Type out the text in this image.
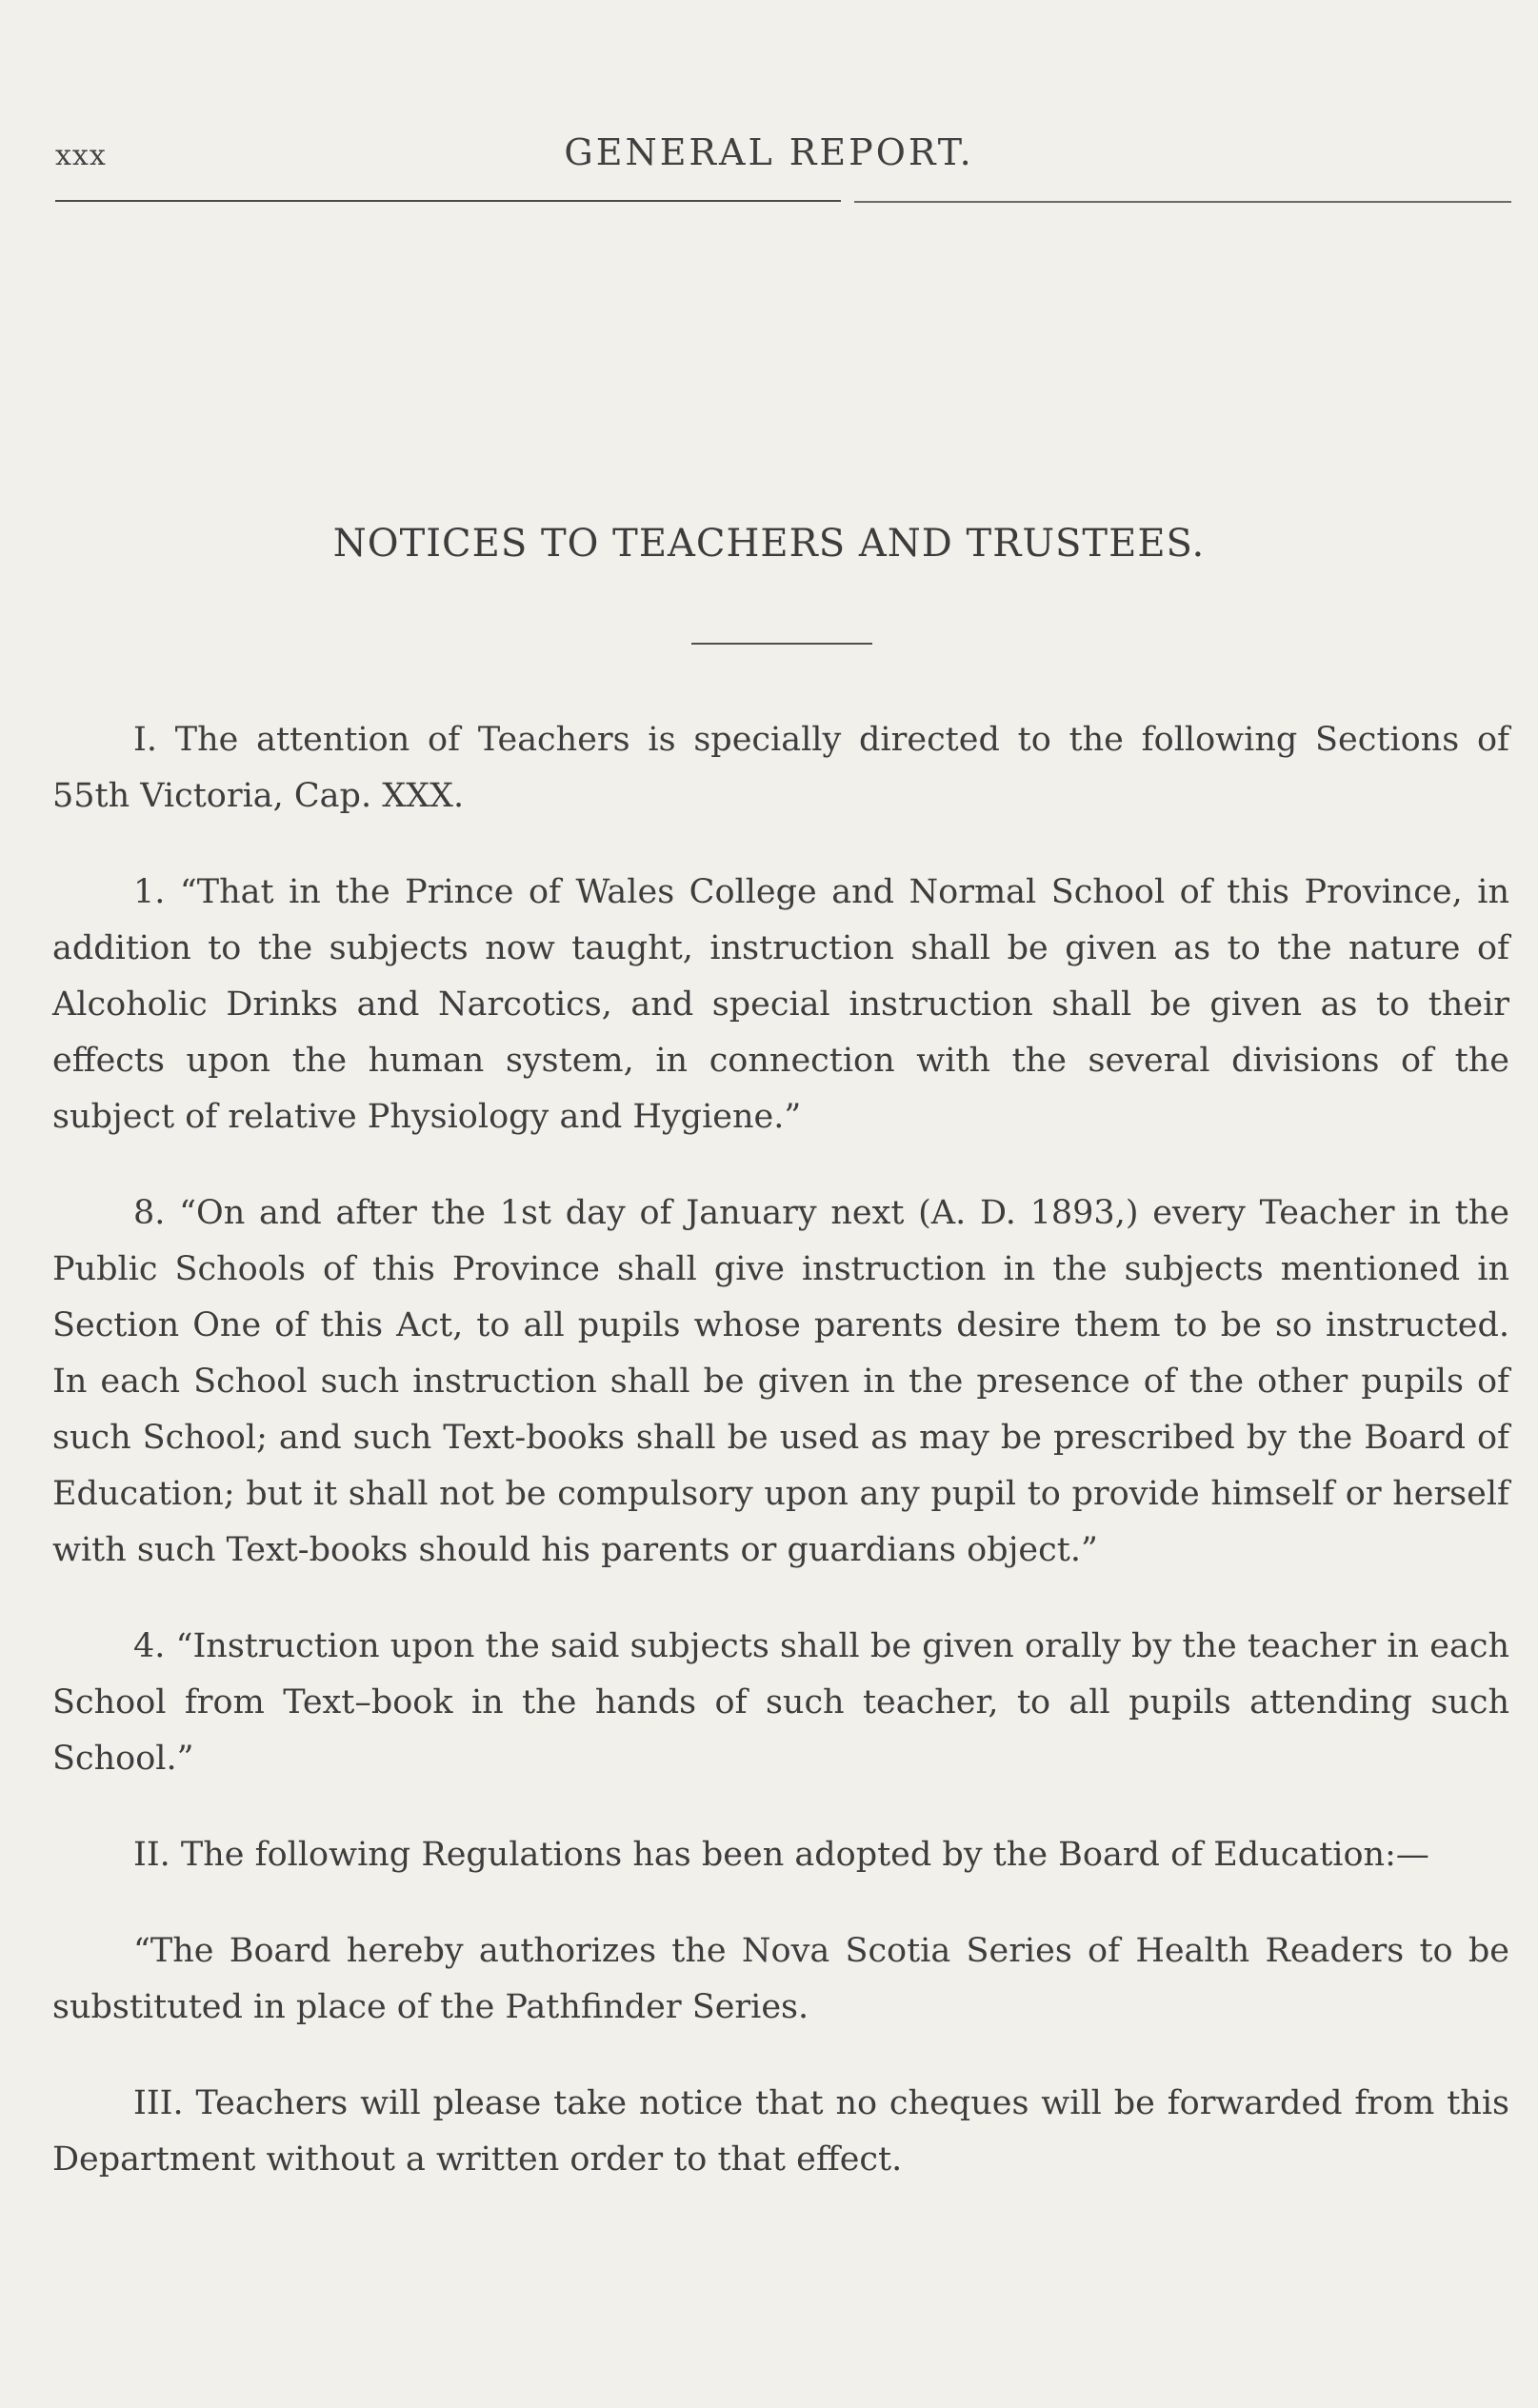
xxx	GENERAL REPORT.
NOTICES TO TEACHERS AND TRUSTEES.

I. The attention of Teachers is specially directed to the following Sections of 55th Victoria, Cap. XXX.

1. “That in the Prince of Wales College and Normal School of this Province, in addition to the subjects now taught, instruction shall be given as to the nature of Alcoholic Drinks and Narcotics, and special instruction shall be given as to their effects upon the human system, in connection with the several divisions of the subject of relative Physiology and Hygiene.”

8. “On and after the 1st day of January next (A. D. 1893,) every Teacher in the Public Schools of this Province shall give instruction in the subjects mentioned in Section One of this Act, to all pupils whose parents desire them to be so instructed. In each School such instruction shall be given in the presence of the other pupils of such School; and such Text-books shall be used as may be prescribed by the Board of Education; but it shall not be compulsory upon any pupil to provide himself or herself with such Text-books should his parents or guardians object.”

4. “Instruction upon the said subjects shall be given orally by the teacher in each School from Text–book in the hands of such teacher, to all pupils attending such School.”

II. The following Regulations has been adopted by the Board of Education:—

“The Board hereby authorizes the Nova Scotia Series of Health Readers to be substituted in place of the Pathfinder Series.

III. Teachers will please take notice that no cheques will be forwarded from this Department without a written order to that effect.
